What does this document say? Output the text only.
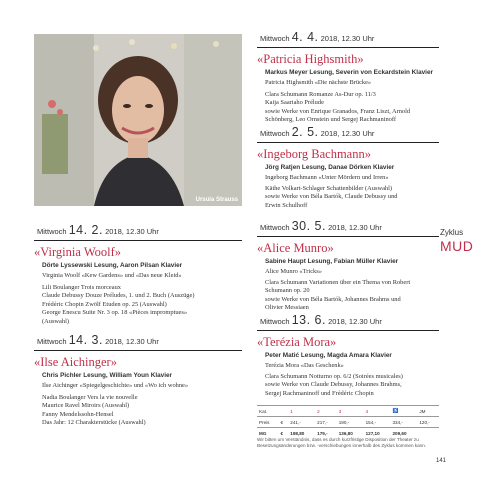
Ursula Strauss
Zyklus
MUD
Mittwoch 4. 4. 2018, 12.30 Uhr
«Patricia Highsmith»
Markus Meyer Lesung, Severin von Eckardstein Klavier
Patricia Highsmith «Die nächste Brücke»
Clara Schumann Romanze As-Dur op. 11/3
Kaija Saariaho Prélude
sowie Werke von Enrique Granados, Franz Liszt, Arnold
Schönberg, Leo Ornstein und Sergej Rachmaninoff
Mittwoch 2. 5. 2018, 12.30 Uhr
«Ingeborg Bachmann»
Jörg Ratjen Lesung, Danae Dörken Klavier
Ingeborg Bachmann «Unter Mördern und Irren»
Käthe Volkart-Schlager Schattenbilder (Auswahl)
sowie Werke von Béla Bartók, Claude Debussy und
Erwin Schulhoff
Mittwoch 30. 5. 2018, 12.30 Uhr
«Alice Munro»
Sabine Haupt Lesung, Fabian Müller Klavier
Alice Munro «Tricks»
Clara Schumann Variationen über ein Thema von Robert
Schumann op. 20
sowie Werke von Béla Bartók, Johannes Brahms und
Olivier Messiaen
Mittwoch 13. 6. 2018, 12.30 Uhr
«Terézia Mora»
Peter Matić Lesung, Magda Amara Klavier
Terézia Mora «Das Geschenk»
Clara Schumann Notturno op. 6/2 (Soirées musicales)
sowie Werke von Claude Debussy, Johannes Brahms,
Sergej Rachmaninoff und Frédéric Chopin
Mittwoch 14. 2. 2018, 12.30 Uhr
«Virginia Woolf»
Dörte Lyssewski Lesung, Aaron Pilsan Klavier
Virginia Woolf «Kew Gardens» und «Das neue Kleid»
Lili Boulanger Trois morceaux
Claude Debussy Douze Préludes, 1. und 2. Buch (Auszüge)
Frédéric Chopin Zwölf Etuden op. 25 (Auswahl)
George Enescu Suite Nr. 3 op. 18 «Pièces impromptues»
(Auswahl)
Mittwoch 14. 3. 2018, 12.30 Uhr
«Ilse Aichinger»
Chris Pichler Lesung, William Youn Klavier
Ilse Aichinger «Spiegelgeschichte» und «Wo ich wohne»
Nadia Boulanger Vers la vie nouvelle
Maurice Ravel Miroirs (Auswahl)
Fanny Mendelssohn-Hensel
Das Jahr: 12 Charakterstücke (Auswahl)
Kat.		1	2	3	4	♿	JM
Preis	€	241,-	217,-	190,-	154,-	334,-	120,-
MG	€	198,80	179,-	136,80	127,10	209,60	
Wir bitten um Verständnis, dass es durch kurzfristige Disposition der Theater zu
Besetzungsänderungen bzw. -verschiebungen innerhalb des Zyklus kommen kann.
141
